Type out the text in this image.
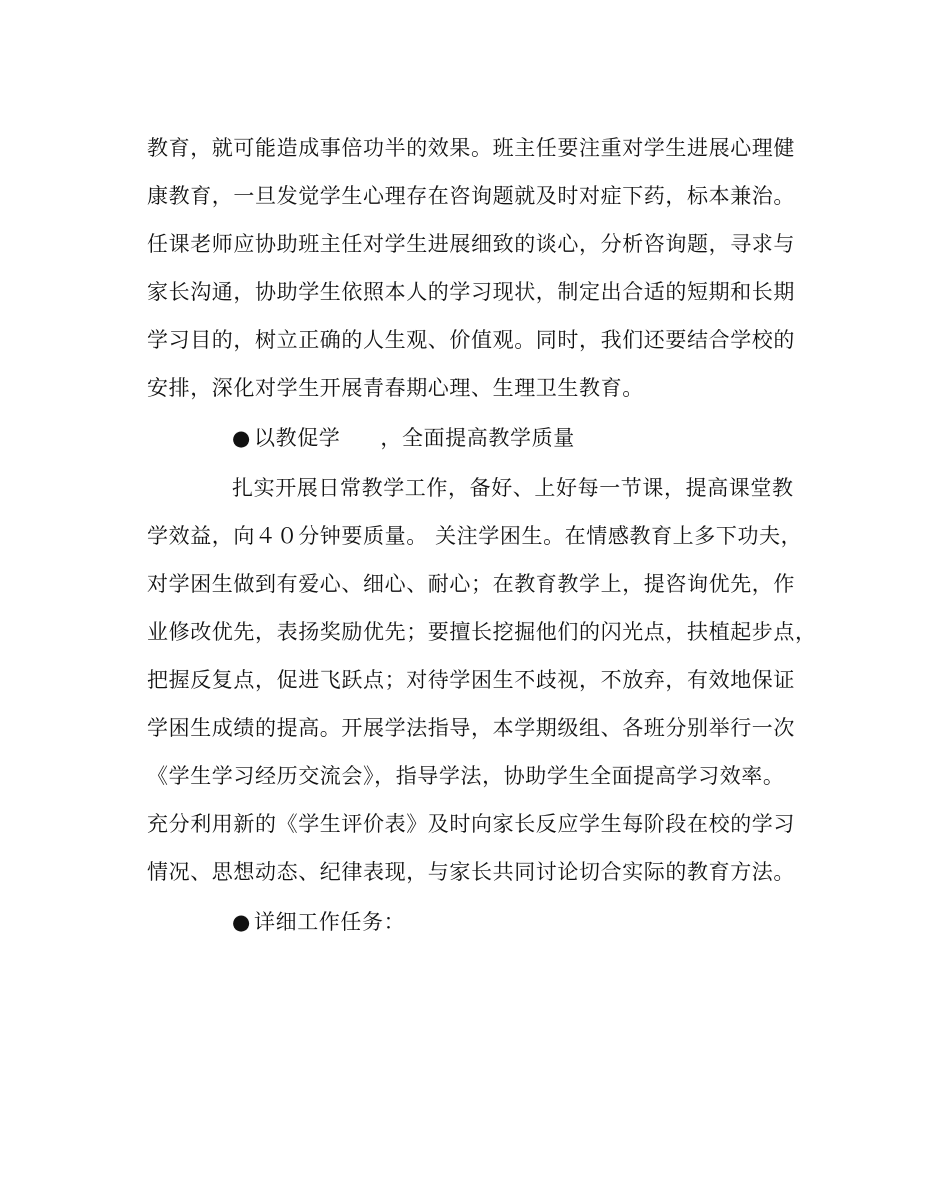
教育，就可能造成事倍功半的效果。班主任要注重对学生进展心理健
康教育，一旦发觉学生心理存在咨询题就及时对症下药，标本兼治。
任课老师应协助班主任对学生进展细致的谈心，分析咨询题，寻求与
家长沟通，协助学生依照本人的学习现状，制定出合适的短期和长期
学习目的，树立正确的人生观、价值观。同时，我们还要结合学校的
安排，深化对学生开展青春期心理、生理卫生教育。
● 以教促学 ，全面提高教学质量
扎实开展日常教学工作，备好、上好每一节课，提高课堂教
学效益，向４０分钟要质量。 关注学困生。在情感教育上多下功夫，
对学困生做到有爱心、细心、耐心；在教育教学上，提咨询优先，作
业修改优先，表扬奖励优先；要擅长挖掘他们的闪光点，扶植起步点，
把握反复点，促进飞跃点；对待学困生不歧视，不放弃，有效地保证
学困生成绩的提高。开展学法指导，本学期级组、各班分别举行一次
《学生学习经历交流会》，指导学法，协助学生全面提高学习效率。
充分利用新的《学生评价表》及时向家长反应学生每阶段在校的学习
情况、思想动态、纪律表现，与家长共同讨论切合实际的教育方法。
● 详细工作任务：
